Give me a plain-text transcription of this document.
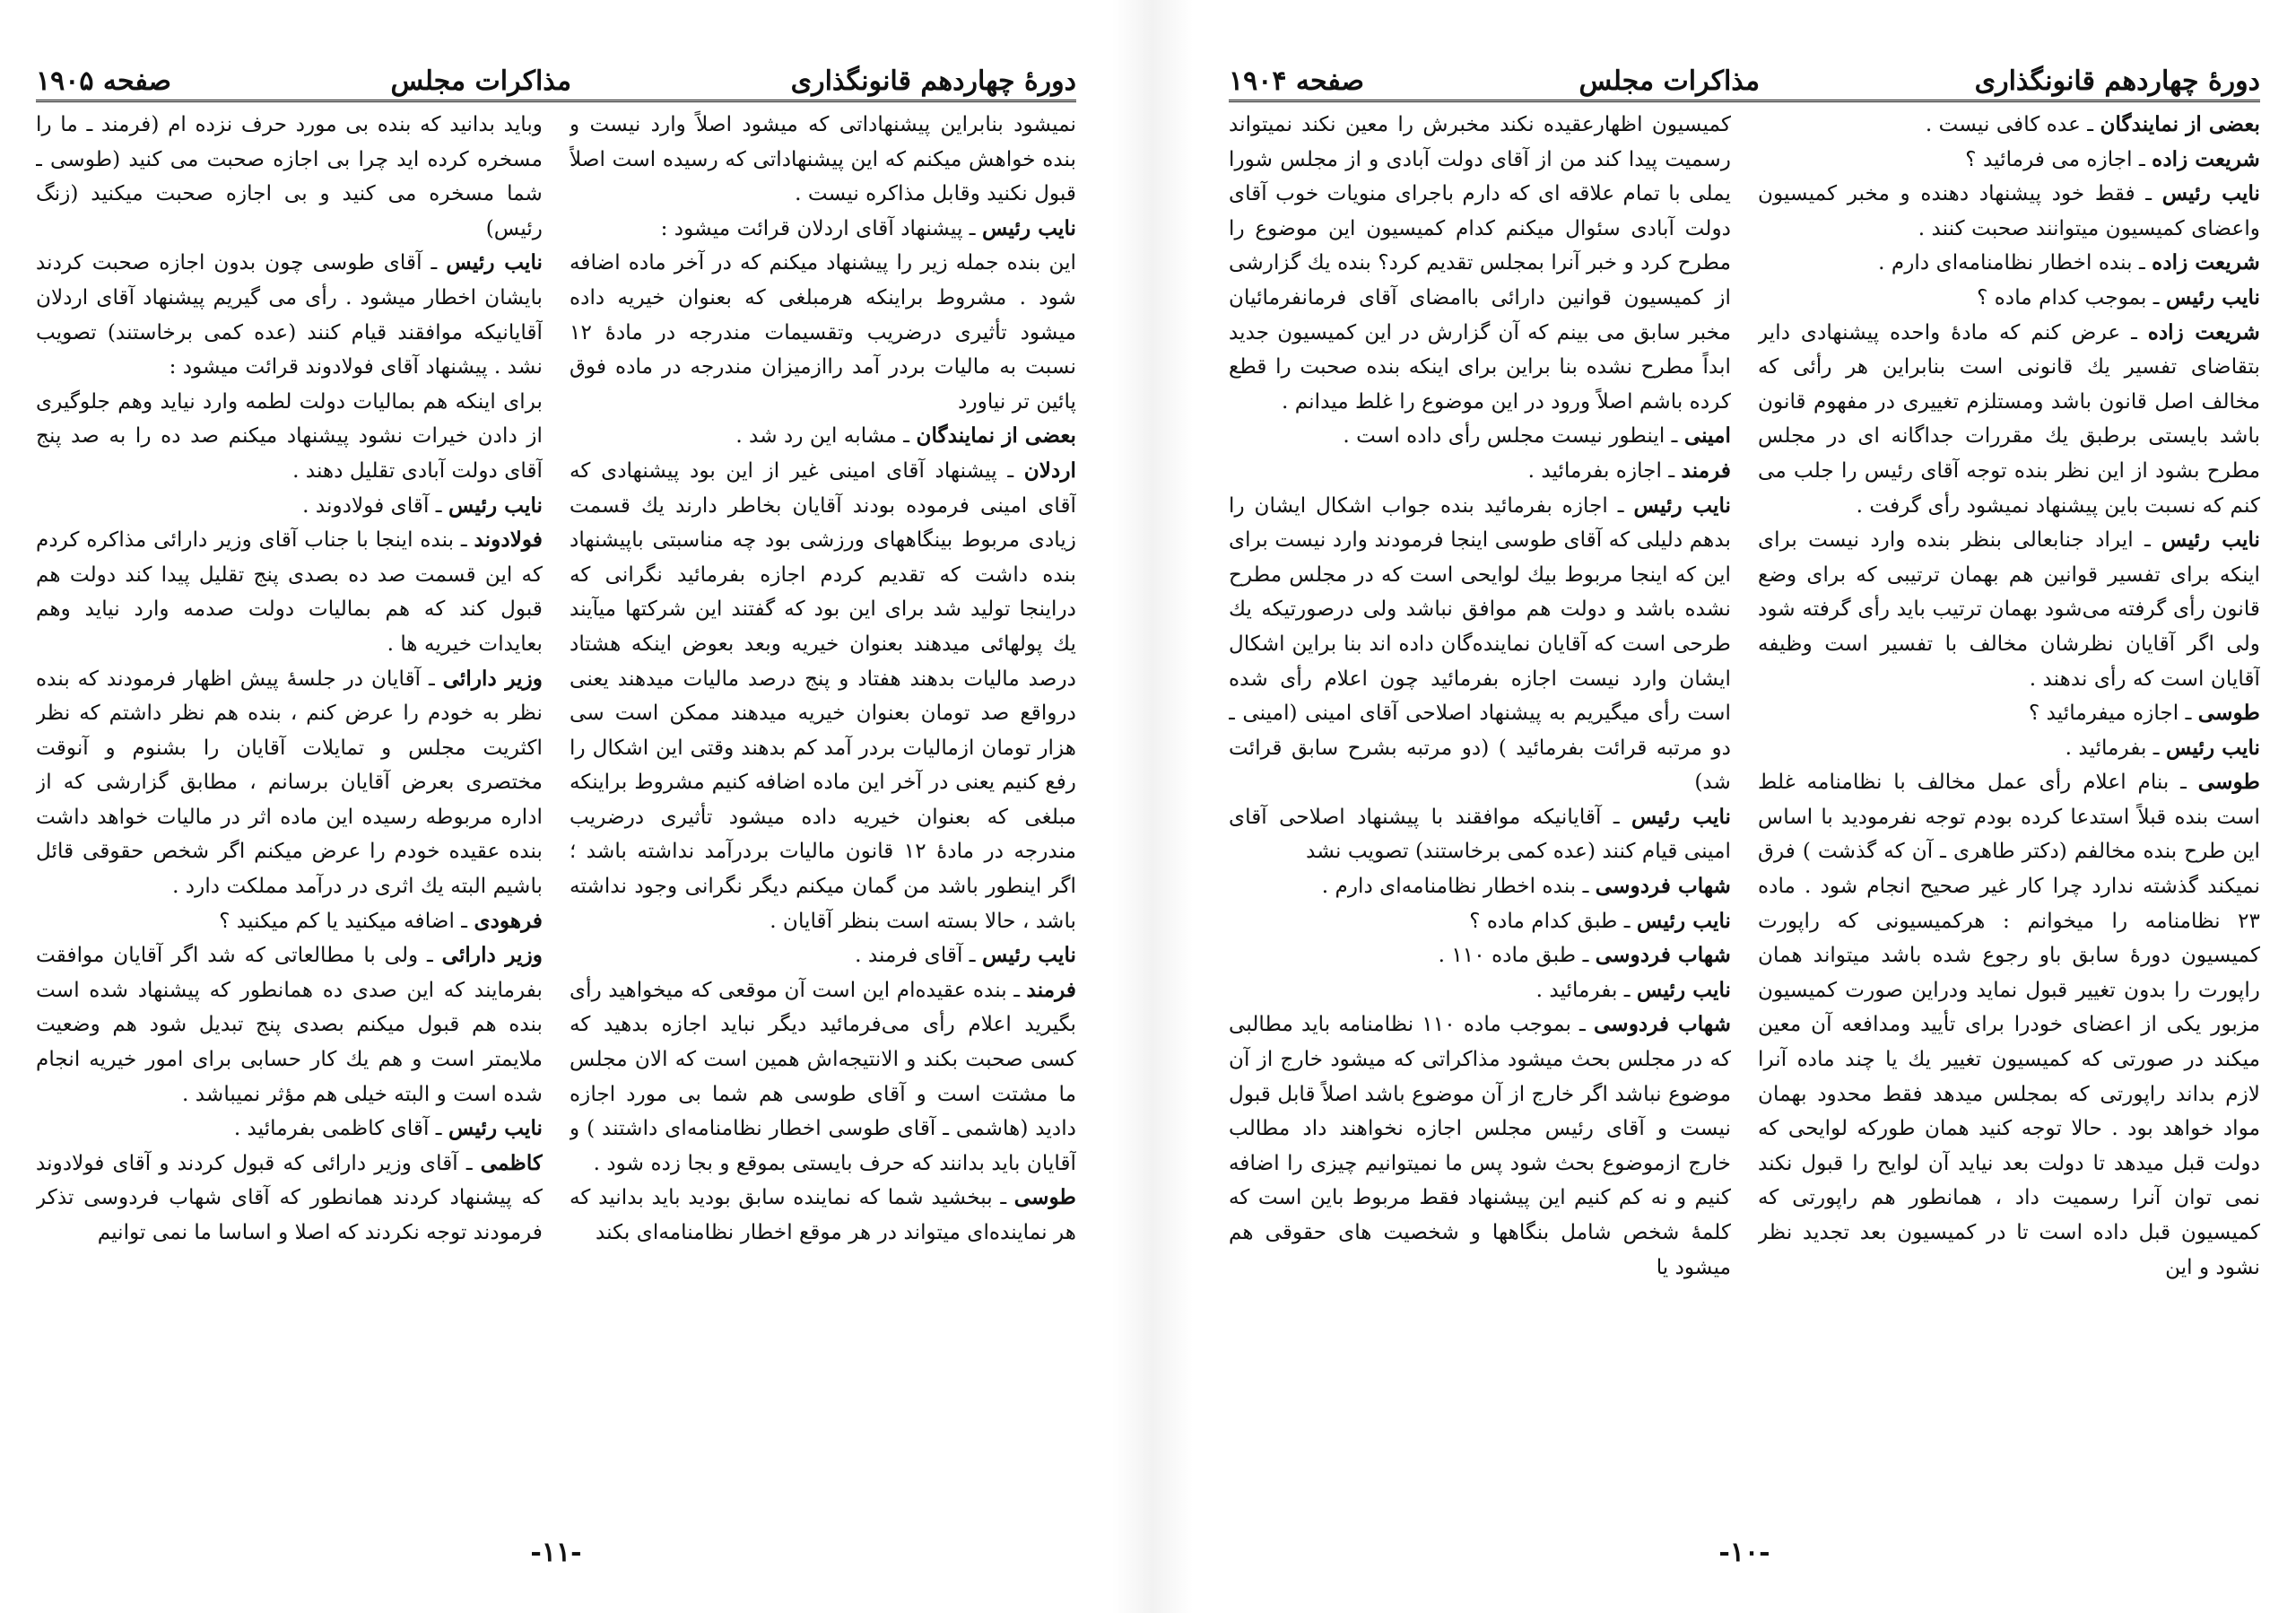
دورهٔ چهاردهم قانونگذاری
مذاکرات مجلس
صفحه ۱۹۰۵

نمیشود بنابراین پیشنهاداتی که میشود اصلاً وارد نیست و بنده خواهش میکنم که این پیشنهاداتی که رسیده است اصلاً قبول نکنید وقابل مذاکره نیست .

نایب رئیس ـ پیشنهاد آقای اردلان قرائت میشود :

این بنده جمله زیر را پیشنهاد میکنم که در آخر ماده اضافه شود . مشروط براینکه هرمبلغی که بعنوان خیریه داده میشود تأثیری درضریب وتقسیمات مندرجه در مادهٔ ۱۲ نسبت به مالیات بردر آمد راازمیزان مندرجه در ماده فوق پائین تر نیاورد

بعضی از نمایندگان ـ مشابه این رد شد .

اردلان ـ پیشنهاد آقای امینی غیر از این بود پیشنهادی که آقای امینی فرموده بودند آقایان بخاطر دارند یك قسمت زیادی مربوط بینگاههای ورزشی بود چه مناسبتی باپیشنهاد بنده داشت که تقدیم کردم اجازه بفرمائید نگرانی که دراینجا تولید شد برای این بود که گفتند این شرکتها میآیند یك پولهائی میدهند بعنوان خیریه وبعد بعوض اینکه هشتاد درصد مالیات بدهند هفتاد و پنج درصد مالیات میدهند یعنی درواقع صد تومان بعنوان خیریه میدهند ممکن است سی هزار تومان ازمالیات بردر آمد کم بدهند وقتی این اشکال را رفع کنیم یعنی در آخر این ماده اضافه کنیم مشروط براینکه مبلغی که بعنوان خیریه داده میشود تأثیری درضریب مندرجه در مادهٔ ۱۲ قانون مالیات بردرآمد نداشته باشد ؛ اگر اینطور باشد من گمان میکنم دیگر نگرانی وجود نداشته باشد ، حالا بسته است بنظر آقایان .

نایب رئیس ـ آقای فرمند .

فرمند ـ بنده عقیده‌ام این است آن موقعی که میخواهید رأی بگیرید اعلام رأی می‌فرمائید دیگر نباید اجازه بدهید که کسی صحبت بکند و الانتیجه‌اش همین است که الان مجلس ما مشتت است و آقای طوسی هم شما بی مورد اجازه دادید (هاشمی ـ آقای طوسی اخطار نظامنامه‌ای داشتند ) و آقایان باید بدانند که حرف بایستی بموقع و بجا زده شود .

طوسی ـ ببخشید شما که نماینده سابق بودید باید بدانید که هر نماینده‌ای میتواند در هر موقع اخطار نظامنامه‌ای بکند

وباید بدانید که بنده بی مورد حرف نزده ام (فرمند ـ ما را مسخره کرده اید چرا بی اجازه صحبت می کنید (طوسی ـ شما مسخره می کنید و بی اجازه صحبت میکنید (زنگ رئیس)

نایب رئیس ـ آقای طوسی چون بدون اجازه صحبت کردند بایشان اخطار میشود . رأی می گیریم پیشنهاد آقای اردلان آقایانیکه موافقند قیام کنند (عده کمی برخاستند) تصویب نشد . پیشنهاد آقای فولادوند قرائت میشود :

برای اینکه هم بمالیات دولت لطمه وارد نیاید وهم جلوگیری از دادن خیرات نشود پیشنهاد میکنم صد ده را به صد پنج آقای دولت آبادی تقلیل دهند .

نایب رئیس ـ آقای فولادوند .

فولادوند ـ بنده اینجا با جناب آقای وزیر دارائی مذاکره کردم که این قسمت صد ده بصدی پنج تقلیل پیدا کند دولت هم قبول کند که هم بمالیات دولت صدمه وارد نیاید وهم بعایدات خیریه ها .

وزیر دارائی ـ آقایان در جلسهٔ پیش اظهار فرمودند که بنده نظر به خودم را عرض کنم ، بنده هم نظر داشتم که نظر اکثریت مجلس و تمایلات آقایان را بشنوم و آنوقت مختصری بعرض آقایان برسانم ، مطابق گزارشی که از اداره مربوطه رسیده این ماده اثر در مالیات خواهد داشت بنده عقیده خودم را عرض میکنم اگر شخص حقوقی قائل باشیم البته یك اثری در درآمد مملکت دارد .

فرهودی ـ اضافه میکنید یا کم میکنید ؟

وزیر دارائی ـ ولی با مطالعاتی که شد اگر آقایان موافقت بفرمایند که این صدی ده همانطور که پیشنهاد شده است بنده هم قبول میکنم بصدی پنج تبدیل شود هم وضعیت ملایمتر است و هم یك کار حسابی برای امور خیریه انجام شده است و البته خیلی هم مؤثر نمیباشد .

نایب رئیس ـ آقای کاظمی بفرمائید .

کاظمی ـ آقای وزیر دارائی که قبول کردند و آقای فولادوند که پیشنهاد کردند همانطور که آقای شهاب فردوسی تذکر فرمودند توجه نکردند که اصلا و اساسا ما نمی توانیم

-۱۱-
دورهٔ چهاردهم قانونگذاری
مذاکرات مجلس
صفحه ۱۹۰۴

بعضی از نمایندگان ـ عده کافی نیست .

شریعت زاده ـ اجازه می فرمائید ؟

نایب رئیس ـ فقط خود پیشنهاد دهنده و مخبر کمیسیون واعضای کمیسیون میتوانند صحبت کنند .

شریعت زاده ـ بنده اخطار نظامنامه‌ای دارم .

نایب رئیس ـ بموجب کدام ماده ؟

شریعت زاده ـ عرض کنم که مادهٔ واحده پیشنهادی دایر بتقاضای تفسیر یك قانونی است بنابراین هر رأئی که مخالف اصل قانون باشد ومستلزم تغییری در مفهوم قانون باشد بایستی برطبق یك مقررات جداگانه ای در مجلس مطرح بشود از این نظر بنده توجه آقای رئیس را جلب می کنم که نسبت باین پیشنهاد نمیشود رأی گرفت .

نایب رئیس ـ ایراد جنابعالی بنظر بنده وارد نیست برای اینکه برای تفسیر قوانین هم بهمان ترتیبی که برای وضع قانون رأی گرفته می‌شود بهمان ترتیب باید رأی گرفته شود ولی اگر آقایان نظرشان مخالف با تفسیر است وظیفه آقایان است که رأی ندهند .

طوسی ـ اجازه میفرمائید ؟

نایب رئیس ـ بفرمائید .

طوسی ـ بنام اعلام رأی عمل مخالف با نظامنامه غلط است بنده قبلاً استدعا کرده بودم توجه نفرمودید با اساس این طرح بنده مخالفم (دکتر طاهری ـ آن که گذشت ) فرق نمیکند گذشته ندارد چرا کار غیر صحیح انجام شود . ماده ۲۳ نظامنامه را میخوانم : هرکمیسیونی که راپورت کمیسیون دورهٔ سابق باو رجوع شده باشد میتواند همان راپورت را بدون تغییر قبول نماید ودراین صورت کمیسیون مزبور یکی از اعضای خودرا برای تأیید ومدافعه آن معین میکند در صورتی که کمیسیون تغییر یك یا چند ماده آنرا لازم بداند راپورتی که بمجلس میدهد فقط محدود بهمان مواد خواهد بود . حالا توجه کنید همان طورکه لوایحی که دولت قبل میدهد تا دولت بعد نیاید آن لوایح را قبول نکند نمی توان آنرا رسمیت داد ، همانطور هم راپورتی که کمیسیون قبل داده است تا در کمیسیون بعد تجدید نظر نشود و این

کمیسیون اظهارعقیده نکند مخبرش را معین نکند نمیتواند رسمیت پیدا کند من از آقای دولت آبادی و از مجلس شورا یملی با تمام علاقه ای که دارم باجرای منویات خوب آقای دولت آبادی سئوال میکنم کدام کمیسیون این موضوع را مطرح کرد و خبر آنرا بمجلس تقدیم کرد؟ بنده یك گزارشی از کمیسیون قوانین دارائی باامضای آقای فرمانفرمائیان مخبر سابق می بینم که آن گزارش در این کمیسیون جدید ابداً مطرح نشده بنا براین برای اینکه بنده صحبت را قطع کرده باشم اصلاً ورود در این موضوع را غلط میدانم .

امینی ـ اینطور نیست مجلس رأی داده است .

فرمند ـ اجازه بفرمائید .

نایب رئیس ـ اجازه بفرمائید بنده جواب اشکال ایشان را بدهم دلیلی که آقای طوسی اینجا فرمودند وارد نیست برای این که اینجا مربوط بیك لوایحی است که در مجلس مطرح نشده باشد و دولت هم موافق نباشد ولی درصورتیکه یك طرحی است که آقایان نماینده‌گان داده اند بنا براین اشکال ایشان وارد نیست اجازه بفرمائید چون اعلام رأی شده است رأی میگیریم به پیشنهاد اصلاحی آقای امینی (امینی ـ دو مرتبه قرائت بفرمائید ) (دو مرتبه بشرح سابق قرائت شد)

نایب رئیس ـ آقایانیکه موافقند با پیشنهاد اصلاحی آقای امینی قیام کنند (عده کمی برخاستند) تصویب نشد

شهاب فردوسی ـ بنده اخطار نظامنامه‌ای دارم .

نایب رئیس ـ طبق کدام ماده ؟

شهاب فردوسی ـ طبق ماده ۱۱۰ .

نایب رئیس ـ بفرمائید .

شهاب فردوسی ـ بموجب ماده ۱۱۰ نظامنامه باید مطالبی که در مجلس بحث میشود مذاکراتی که میشود خارج از آن موضوع نباشد اگر خارج از آن موضوع باشد اصلاً قابل قبول نیست و آقای رئیس مجلس اجازه نخواهند داد مطالب خارج ازموضوع بحث شود پس ما نمیتوانیم چیزی را اضافه کنیم و نه کم کنیم این پیشنهاد فقط مربوط باین است که کلمهٔ شخص شامل بنگاهها و شخصیت های حقوقی هم میشود یا

-۱۰-
